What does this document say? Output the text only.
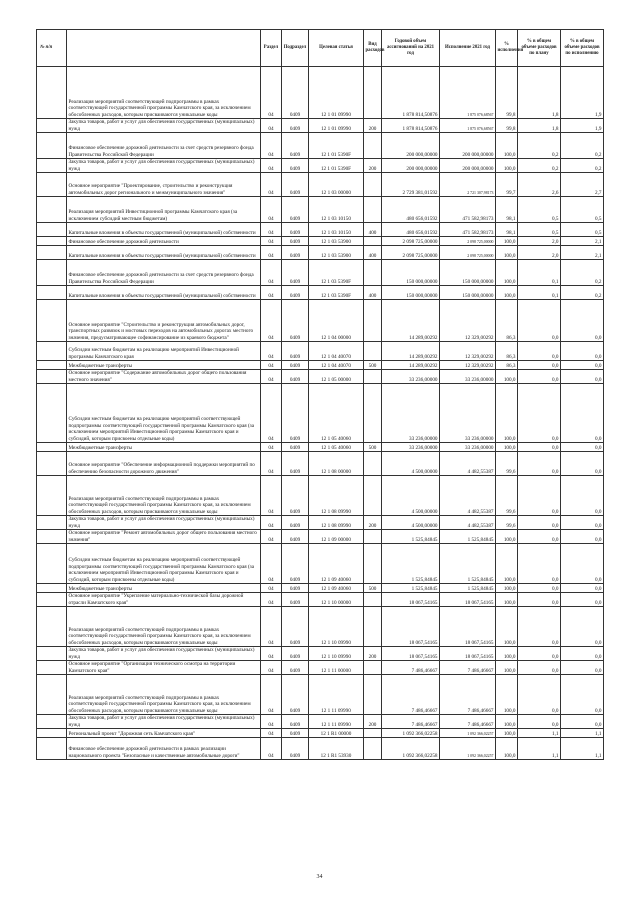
№ п/п		Раздел	Подраздел	Целевая статья	Вид расходов	Годовой объем ассигнований на 2021 год	Исполнение 2021 год	% исполнения	% в общем объеме расходов по плану	% в общем объеме расходов по исполнению
	Реализация мероприятий соответствующей подпрограммы в рамках соответствующей государственной программы Камчатского края, за исключением обособленных расходов, которым присваиваются уникальные коды	04	0409	12 1 01 09990		1 878 814,50876	1 875 076,68567	99,8	1,8	1,9
	Закупка товаров, работ и услуг для обеспечения государственных (муниципальных) нужд	04	0409	12 1 01 09990	200	1 878 814,50876	1 875 076,68567	99,8	1,8	1,9
	Финансовое обеспечение дорожной деятельности за счет средств резервного фонда Правительства Российской Федерации	04	0409	12 1 01 5390F		200 000,00000	200 000,00000	100,0	0,2	0,2
	Закупка товаров, работ и услуг для обеспечения государственных (муниципальных) нужд	04	0409	12 1 01 5390F	200	200 000,00000	200 000,00000	100,0	0,2	0,2
	Основное мероприятие "Проектирование, строительство и реконструкция автомобильных дорог регионального и межмуниципального значения"	04	0409	12 1 03 00000		2 729 381,01592	2 721 307,98173	99,7	2,6	2,7
	Реализация мероприятий Инвестиционной программы Камчатского края (за исключением субсидий местным бюджетам)	04	0409	12 1 03 10150		480 656,01592	471 582,98173	98,1	0,5	0,5
	Капитальные вложения в объекты государственной (муниципальной) собственности	04	0409	12 1 03 10150	400	480 656,01592	471 582,98173	98,1	0,5	0,5
	Финансовое обеспечение дорожной деятельности	04	0409	12 1 03 53900		2 098 725,00000	2 098 725,00000	100,0	2,0	2,1
	Капитальные вложения в объекты государственной (муниципальной) собственности	04	0409	12 1 03 53900	400	2 098 725,00000	2 098 725,00000	100,0	2,0	2,1
	Финансовое обеспечение дорожной деятельности за счет средств резервного фонда Правительства Российской Федерации	04	0409	12 1 03 5390F		150 000,00000	150 000,00000	100,0	0,1	0,2
	Капитальные вложения в объекты государственной (муниципальной) собственности	04	0409	12 1 03 5390F	400	150 000,00000	150 000,00000	100,0	0,1	0,2
	Основное мероприятие "Строительство и реконструкция автомобильных дорог, транспортных развязок и мостовых переходов на автомобильных дорогах местного значения, предусматривающее софинансирование из краевого бюджета"	04	0409	12 1 04 00000		14 289,00292	12 329,00292	86,3	0,0	0,0
	Субсидии местным бюджетам на реализацию мероприятий Инвестиционной программы Камчатского края	04	0409	12 1 04 40070		14 289,00292	12 329,00292	86,3	0,0	0,0
	Межбюджетные трансферты	04	0409	12 1 04 40070	500	14 289,00292	12 329,00292	86,3	0,0	0,0
	Основное мероприятие "Содержание автомобильных дорог общего пользования местного значения"	04	0409	12 1 05 00000		33 236,00000	33 236,00000	100,0	0,0	0,0
	Субсидии местным бюджетам на реализацию мероприятий соответствующей подпрограммы соответствующей государственной программы Камчатского края (за исключением мероприятий Инвестиционной программы Камчатского края и субсидий, которым присвоены отдельные коды)	04	0409	12 1 05 40060		33 236,00000	33 236,00000	100,0	0,0	0,0
	Межбюджетные трансферты	04	0409	12 1 05 40060	500	33 236,00000	33 236,00000	100,0	0,0	0,0
	Основное мероприятие "Обеспечение информационной поддержки мероприятий по обеспечению безопасности дорожного движения"	04	0409	12 1 08 00000		4 500,00000	4 482,55387	99,6	0,0	0,0
	Реализация мероприятий соответствующей подпрограммы в рамках соответствующей государственной программы Камчатского края, за исключением обособленных расходов, которым присваиваются уникальные коды	04	0409	12 1 08 09990		4 500,00000	4 482,55387	99,6	0,0	0,0
	Закупка товаров, работ и услуг для обеспечения государственных (муниципальных) нужд	04	0409	12 1 08 09990	200	4 500,00000	4 482,55387	99,6	0,0	0,0
	Основное мероприятие "Ремонт автомобильных дорог общего пользования местного значения"	04	0409	12 1 09 00000		1 525,84845	1 525,84845	100,0	0,0	0,0
	Субсидии местным бюджетам на реализацию мероприятий соответствующей подпрограммы соответствующей государственной программы Камчатского края (за исключением мероприятий Инвестиционной программы Камчатского края и субсидий, которым присвоены отдельные коды)	04	0409	12 1 09 40060		1 525,84845	1 525,84845	100,0	0,0	0,0
	Межбюджетные трансферты	04	0409	12 1 09 40060	500	1 525,84845	1 525,84845	100,0	0,0	0,0
	Основное мероприятие "Укрепление материально-технической базы дорожной отрасли Камчатского края"	04	0409	12 1 10 00000		18 067,54165	18 067,54165	100,0	0,0	0,0
	Реализация мероприятий соответствующей подпрограммы в рамках соответствующей государственной программы Камчатского края, за исключением обособленных расходов, которым присваиваются уникальные коды	04	0409	12 1 10 09990		18 067,54165	18 067,54165	100,0	0,0	0,0
	Закупка товаров, работ и услуг для обеспечения государственных (муниципальных) нужд	04	0409	12 1 10 09990	200	18 067,54165	18 067,54165	100,0	0,0	0,0
	Основное мероприятие "Организация технического осмотра на территории Камчатского края"	04	0409	12 1 11 00000		7 486,46667	7 486,46667	100,0	0,0	0,0
	Реализация мероприятий соответствующей подпрограммы в рамках соответствующей государственной программы Камчатского края, за исключением обособленных расходов, которым присваиваются уникальные коды	04	0409	12 1 11 09990		7 486,46667	7 486,46667	100,0	0,0	0,0
	Закупка товаров, работ и услуг для обеспечения государственных (муниципальных) нужд	04	0409	12 1 11 09990	200	7 486,46667	7 486,46667	100,0	0,0	0,0
	Региональный проект "Дорожная сеть Камчатского края"	04	0409	12 1 R1 00000		1 092 366,02258	1 092 366,02257	100,0	1,1	1,1
	Финансовое обеспечение дорожной деятельности в рамках реализации национального проекта "Безопасные и качественные автомобильные дороги"	04	0409	12 1 R1 53930		1 092 366,02258	1 092 366,02257	100,0	1,1	1,1
34
